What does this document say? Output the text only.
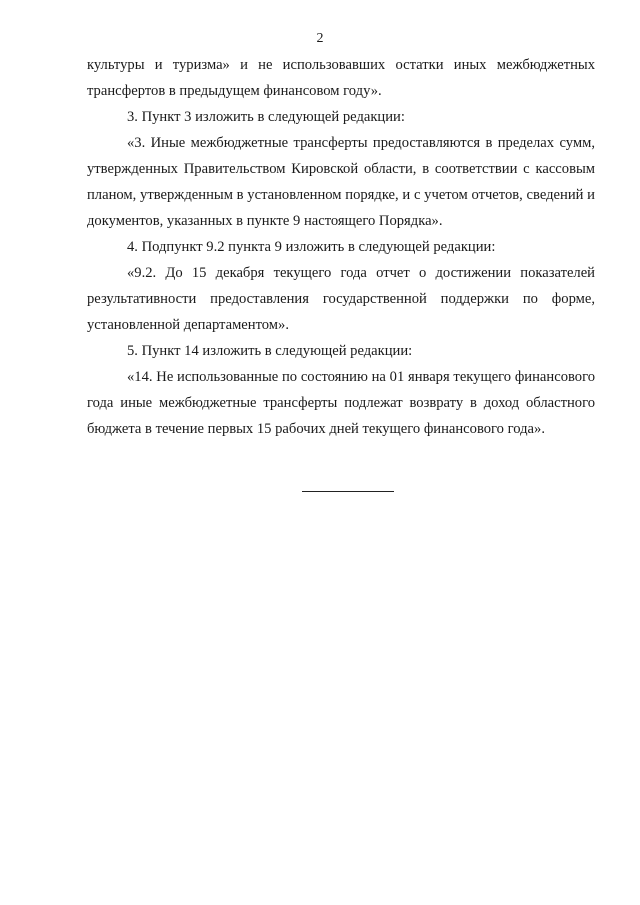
2

культуры и туризма» и не использовавших остатки иных межбюджетных трансфертов в предыдущем финансовом году».

3. Пункт 3 изложить в следующей редакции:

«3. Иные межбюджетные трансферты предоставляются в пределах сумм, утвержденных Правительством Кировской области, в соответствии с кассовым планом, утвержденным в установленном порядке, и с учетом отчетов, сведений и документов, указанных в пункте 9 настоящего Порядка».

4. Подпункт 9.2 пункта 9 изложить в следующей редакции:

«9.2. До 15 декабря текущего года отчет о достижении показателей результативности предоставления государственной поддержки по форме, установленной департаментом».

5. Пункт 14 изложить в следующей редакции:

«14. Не использованные по состоянию на 01 января текущего финансового года иные межбюджетные трансферты подлежат возврату в доход областного бюджета в течение первых 15 рабочих дней текущего финансового года».
